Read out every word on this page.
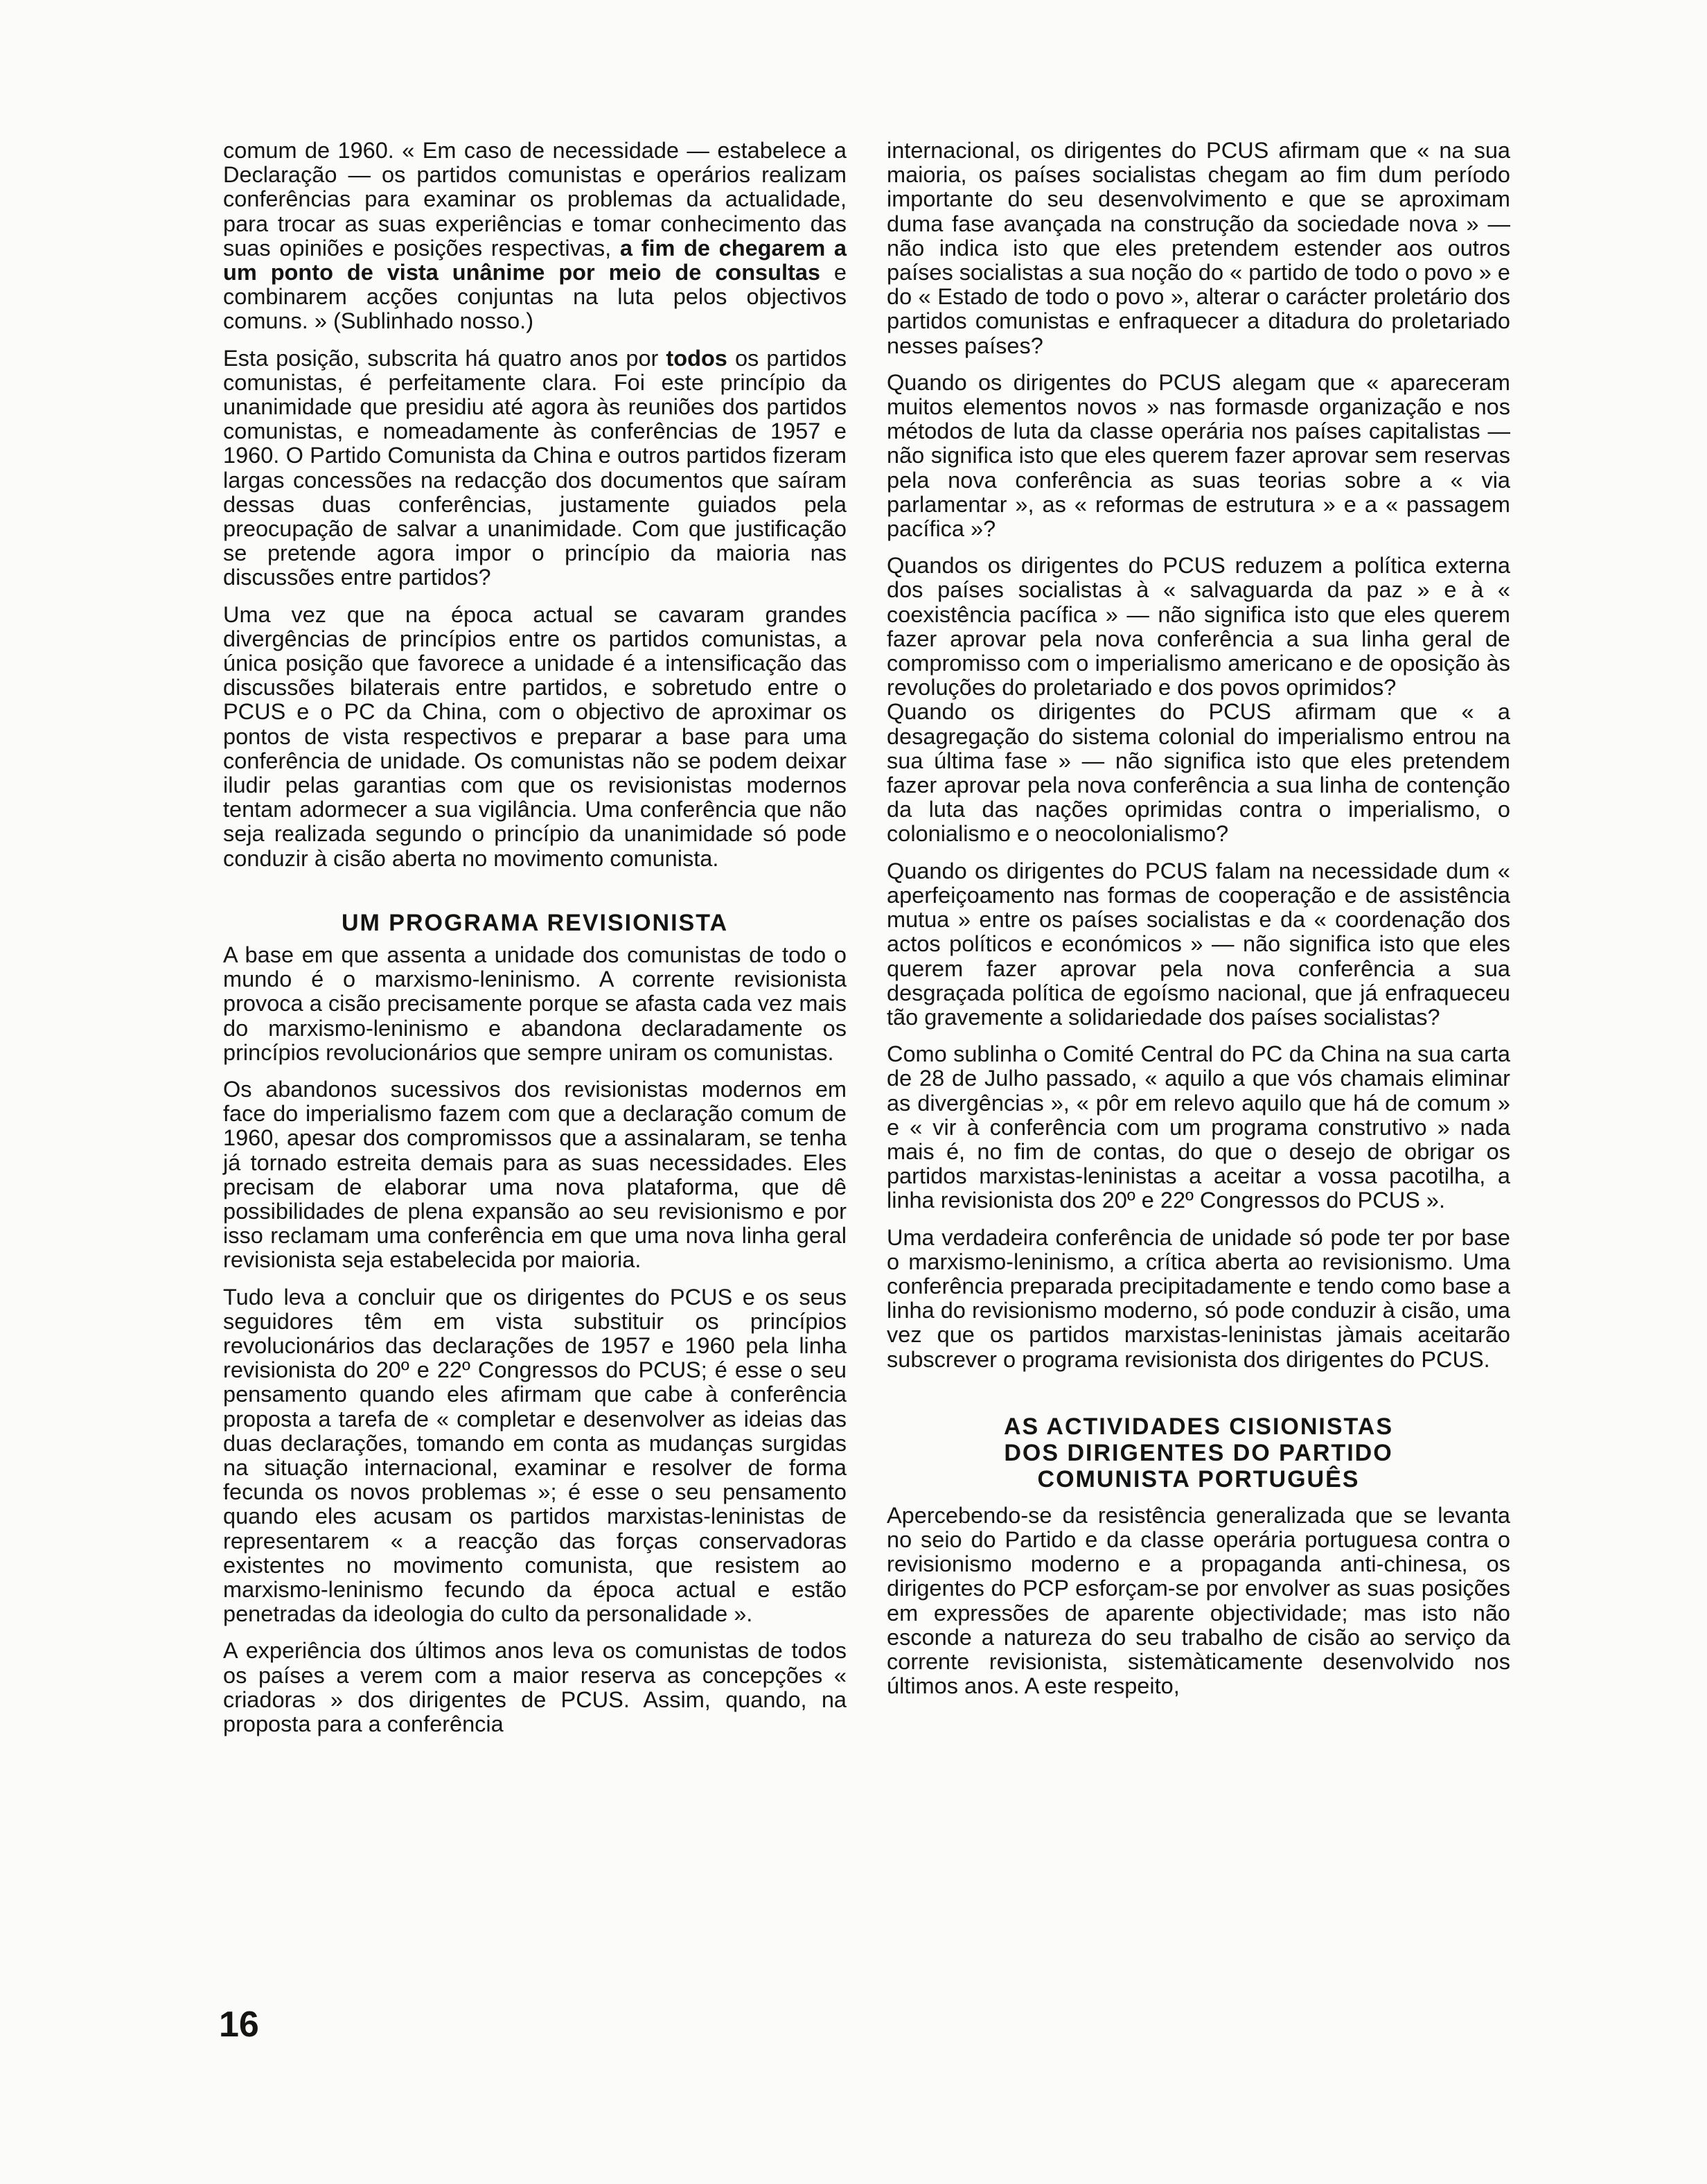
comum de 1960. « Em caso de necessidade — estabelece a Declaração — os partidos comunistas e operários realizam conferências para examinar os problemas da actualidade, para trocar as suas experiências e tomar conhecimento das suas opiniões e posições respectivas, a fim de chegarem a um ponto de vista unânime por meio de consultas e combinarem acções conjuntas na luta pelos objectivos comuns. » (Sublinhado nosso.)

Esta posição, subscrita há quatro anos por todos os partidos comunistas, é perfeitamente clara. Foi este princípio da unanimidade que presidiu até agora às reuniões dos partidos comunistas, e nomeadamente às conferências de 1957 e 1960. O Partido Comunista da China e outros partidos fizeram largas concessões na redacção dos documentos que saíram dessas duas conferências, justamente guiados pela preocupação de salvar a unanimidade. Com que justificação se pretende agora impor o princípio da maioria nas discussões entre partidos?

Uma vez que na época actual se cavaram grandes divergências de princípios entre os partidos comunistas, a única posição que favorece a unidade é a intensificação das discussões bilaterais entre partidos, e sobretudo entre o PCUS e o PC da China, com o objectivo de aproximar os pontos de vista respectivos e preparar a base para uma conferência de unidade. Os comunistas não se podem deixar iludir pelas garantias com que os revisionistas modernos tentam adormecer a sua vigilância. Uma conferência que não seja realizada segundo o princípio da unanimidade só pode conduzir à cisão aberta no movimento comunista.

UM PROGRAMA REVISIONISTA

A base em que assenta a unidade dos comunistas de todo o mundo é o marxismo-leninismo. A corrente revisionista provoca a cisão precisamente porque se afasta cada vez mais do marxismo-leninismo e abandona declaradamente os princípios revolucionários que sempre uniram os comunistas.

Os abandonos sucessivos dos revisionistas modernos em face do imperialismo fazem com que a declaração comum de 1960, apesar dos compromissos que a assinalaram, se tenha já tornado estreita demais para as suas necessidades. Eles precisam de elaborar uma nova plataforma, que dê possibilidades de plena expansão ao seu revisionismo e por isso reclamam uma conferência em que uma nova linha geral revisionista seja estabelecida por maioria.

Tudo leva a concluir que os dirigentes do PCUS e os seus seguidores têm em vista substituir os princípios revolucionários das declarações de 1957 e 1960 pela linha revisionista do 20º e 22º Congressos do PCUS; é esse o seu pensamento quando eles afirmam que cabe à conferência proposta a tarefa de « completar e desenvolver as ideias das duas declarações, tomando em conta as mudanças surgidas na situação internacional, examinar e resolver de forma fecunda os novos problemas »; é esse o seu pensamento quando eles acusam os partidos marxistas-leninistas de representarem « a reacção das forças conservadoras existentes no movimento comunista, que resistem ao marxismo-leninismo fecundo da época actual e estão penetradas da ideologia do culto da personalidade ».

A experiência dos últimos anos leva os comunistas de todos os países a verem com a maior reserva as concepções « criadoras » dos dirigentes de PCUS. Assim, quando, na proposta para a conferência

internacional, os dirigentes do PCUS afirmam que « na sua maioria, os países socialistas chegam ao fim dum período importante do seu desenvolvimento e que se aproximam duma fase avançada na construção da sociedade nova » — não indica isto que eles pretendem estender aos outros países socialistas a sua noção do « partido de todo o povo » e do « Estado de todo o povo », alterar o carácter proletário dos partidos comunistas e enfraquecer a ditadura do proletariado nesses países?

Quando os dirigentes do PCUS alegam que « apareceram muitos elementos novos » nas formasde organização e nos métodos de luta da classe operária nos países capitalistas — não significa isto que eles querem fazer aprovar sem reservas pela nova conferência as suas teorias sobre a « via parlamentar », as « reformas de estrutura » e a « passagem pacífica »?

Quandos os dirigentes do PCUS reduzem a política externa dos países socialistas à « salvaguarda da paz » e à « coexistência pacífica » — não significa isto que eles querem fazer aprovar pela nova conferência a sua linha geral de compromisso com o imperialismo americano e de oposição às revoluções do proletariado e dos povos oprimidos?

Quando os dirigentes do PCUS afirmam que « a desagregação do sistema colonial do imperialismo entrou na sua última fase » — não significa isto que eles pretendem fazer aprovar pela nova conferência a sua linha de contenção da luta das nações oprimidas contra o imperialismo, o colonialismo e o neocolonialismo?

Quando os dirigentes do PCUS falam na necessidade dum « aperfeiçoamento nas formas de cooperação e de assistência mutua » entre os países socialistas e da « coordenação dos actos políticos e económicos » — não significa isto que eles querem fazer aprovar pela nova conferência a sua desgraçada política de egoísmo nacional, que já enfraqueceu tão gravemente a solidariedade dos países socialistas?

Como sublinha o Comité Central do PC da China na sua carta de 28 de Julho passado, « aquilo a que vós chamais eliminar as divergências », « pôr em relevo aquilo que há de comum » e « vir à conferência com um programa construtivo » nada mais é, no fim de contas, do que o desejo de obrigar os partidos marxistas-leninistas a aceitar a vossa pacotilha, a linha revisionista dos 20º e 22º Congressos do PCUS ».

Uma verdadeira conferência de unidade só pode ter por base o marxismo-leninismo, a crítica aberta ao revisionismo. Uma conferência preparada precipitadamente e tendo como base a linha do revisionismo moderno, só pode conduzir à cisão, uma vez que os partidos marxistas-leninistas jàmais aceitarão subscrever o programa revisionista dos dirigentes do PCUS.

AS ACTIVIDADES CISIONISTAS
DOS DIRIGENTES DO PARTIDO
COMUNISTA PORTUGUÊS

Apercebendo-se da resistência generalizada que se levanta no seio do Partido e da classe operária portuguesa contra o revisionismo moderno e a propaganda anti-chinesa, os dirigentes do PCP esforçam-se por envolver as suas posições em expressões de aparente objectividade; mas isto não esconde a natureza do seu trabalho de cisão ao serviço da corrente revisionista, sistemàticamente desenvolvido nos últimos anos. A este respeito,

16
